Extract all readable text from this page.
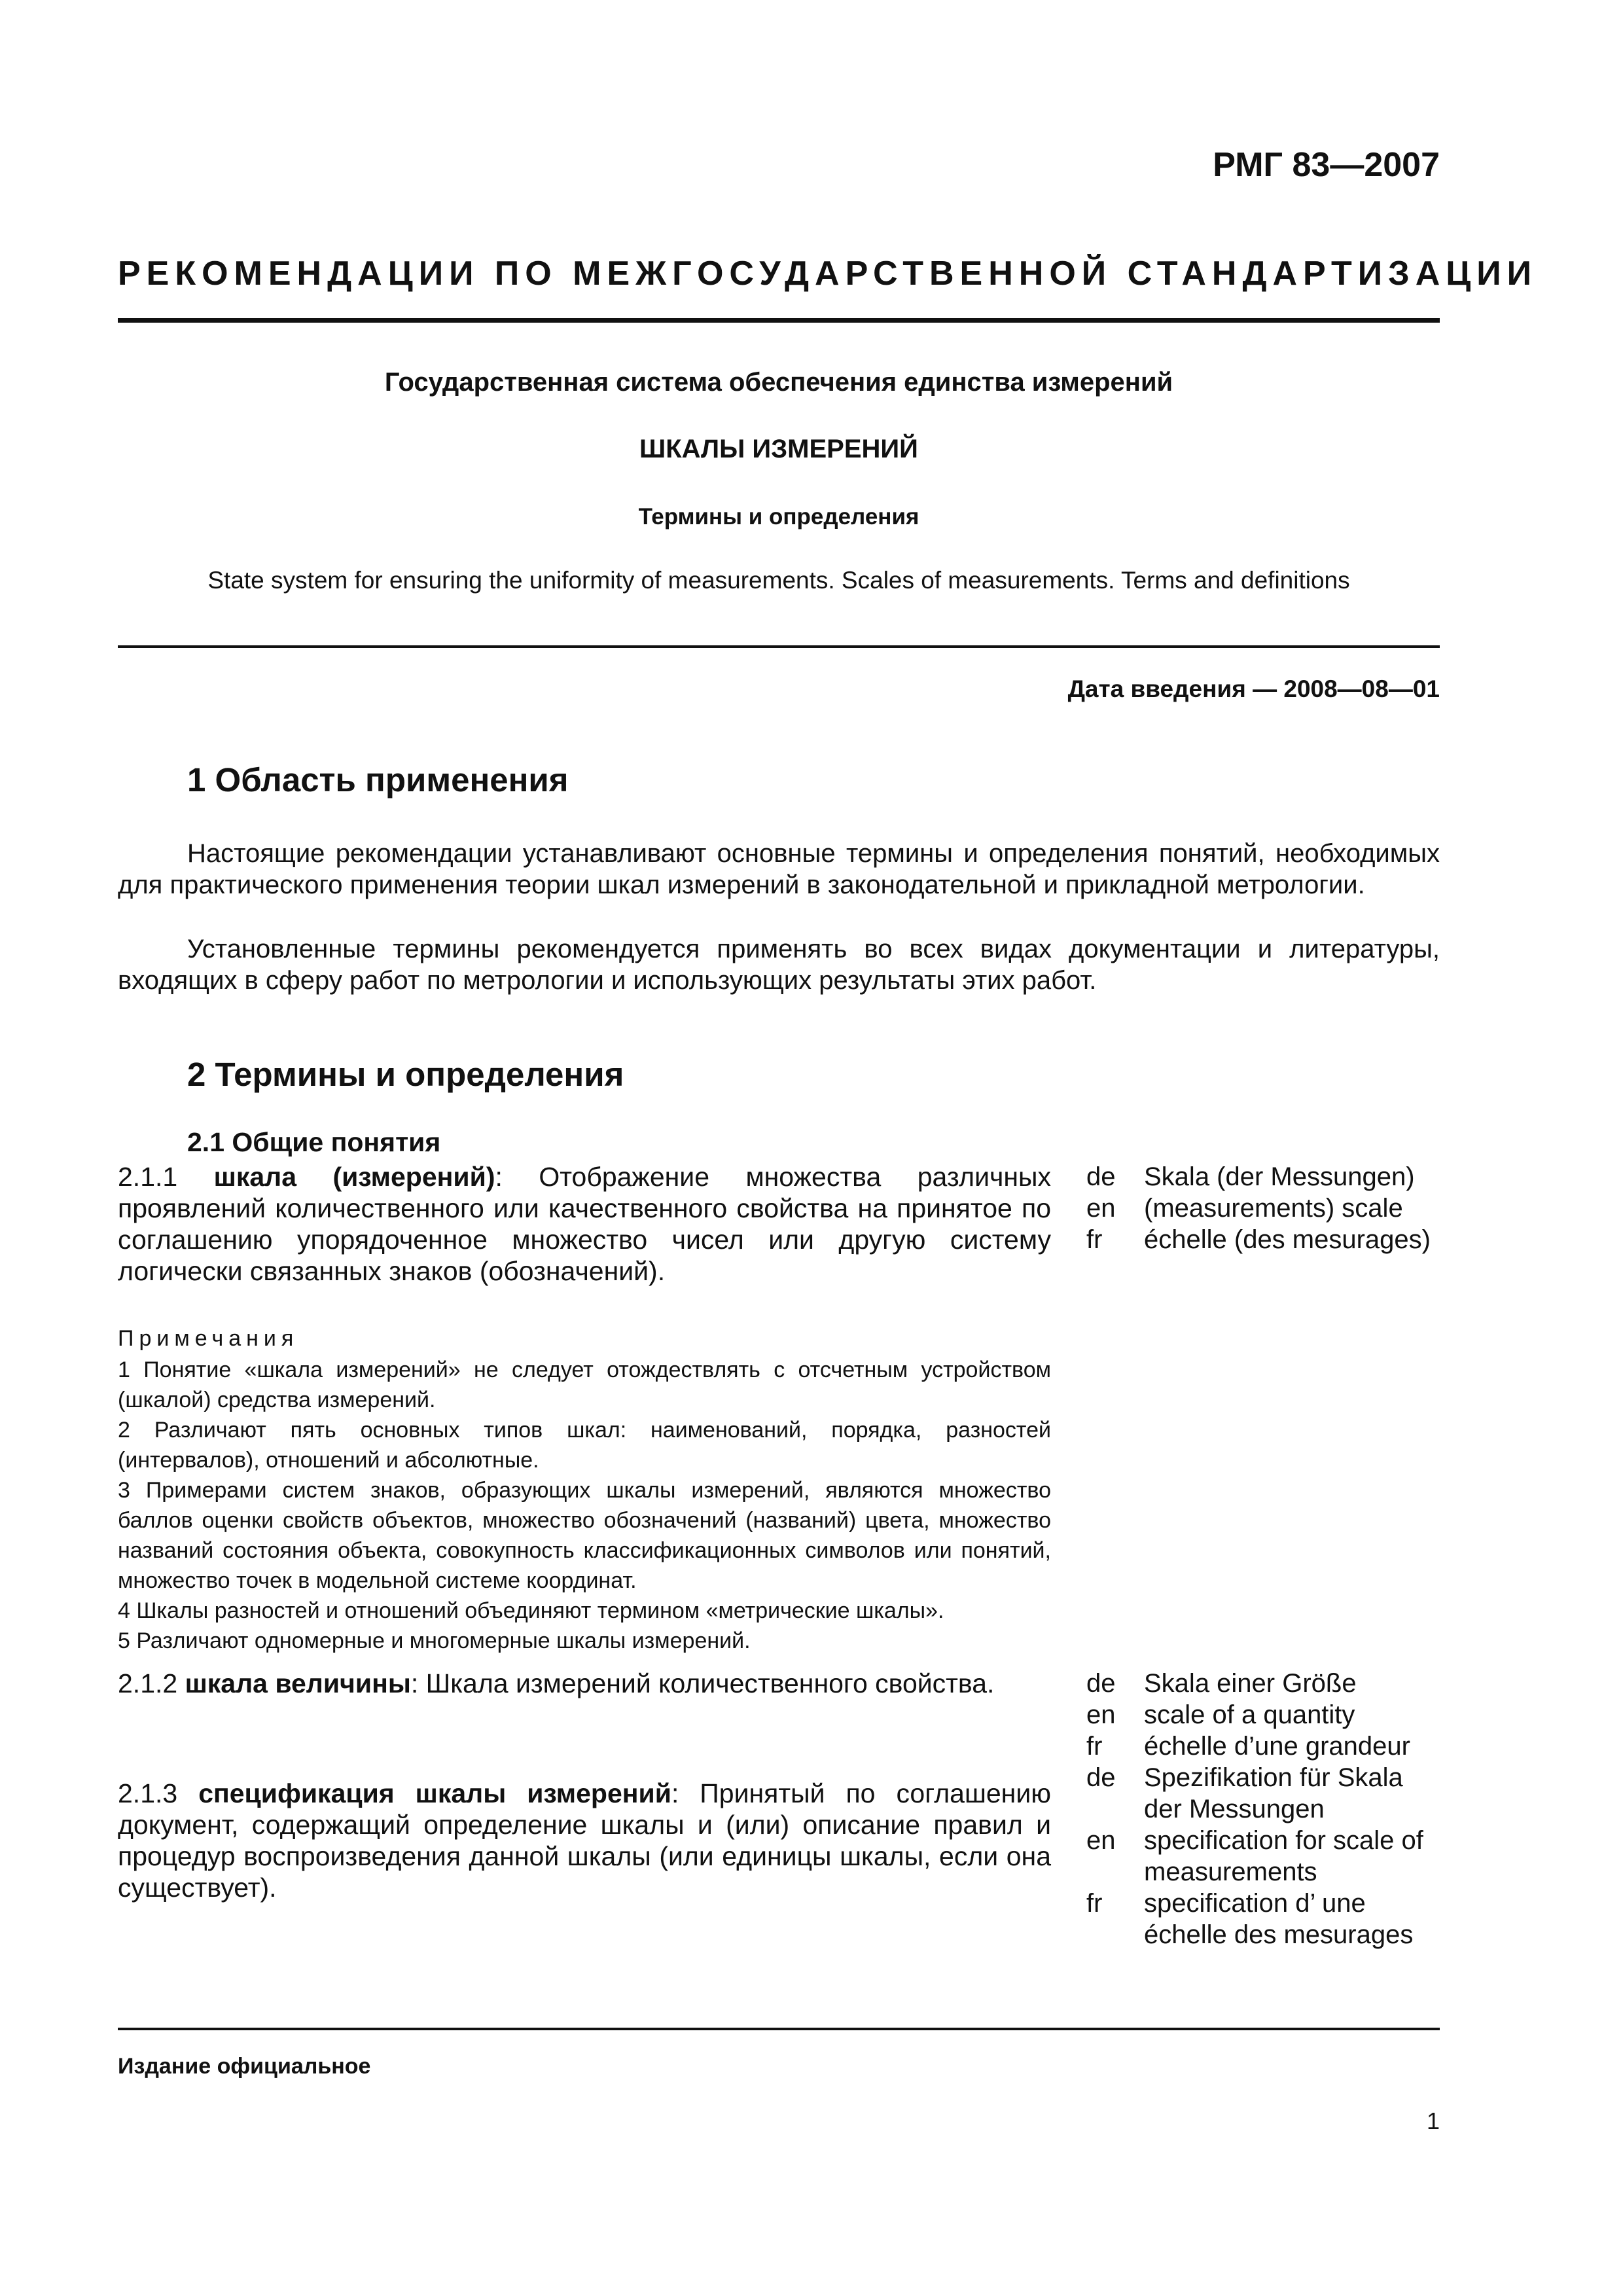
РМГ 83—2007
РЕКОМЕНДАЦИИ ПО МЕЖГОСУДАРСТВЕННОЙ СТАНДАРТИЗАЦИИ
Государственная система обеспечения единства измерений
ШКАЛЫ ИЗМЕРЕНИЙ
Термины и определения
State system for ensuring the uniformity of measurements. Scales of measurements. Terms and definitions
Дата введения — 2008—08—01
1 Область применения

Настоящие рекомендации устанавливают основные термины и определения понятий, необходимых для практического применения теории шкал измерений в законодательной и прикладной метрологии.

Установленные термины рекомендуется применять во всех видах документации и литературы, входящих в сферу работ по метрологии и использующих результаты этих работ.

2 Термины и определения
2.1 Общие понятия

2.1.1 шкала (измерений): Отображение множества различных проявлений количественного или качественного свойства на принятое по соглашению упорядоченное множество чисел или другую систему логически связанных знаков (обозначений).

de Skala (der Messungen)
en (measurements) scale
fr échelle (des mesurages)
Примечания

1 Понятие «шкала измерений» не следует отождествлять с отсчетным устройством (шкалой) средства измерений.

2 Различают пять основных типов шкал: наименований, порядка, разностей (интервалов), отношений и абсолютные.

3 Примерами систем знаков, образующих шкалы измерений, являются множество баллов оценки свойств объектов, множество обозначений (названий) цвета, множество названий состояния объекта, совокупность классификационных символов или понятий, множество точек в модельной системе координат.

4 Шкалы разностей и отношений объединяют термином «метрические шкалы».

5 Различают одномерные и многомерные шкалы измерений.

2.1.2 шкала величины: Шкала измерений количественного свойства.	de Skala einer Größe
en scale of a quantity
fr échelle d’une grandeur

2.1.3 спецификация шкалы измерений: Принятый по соглашению документ, содержащий определение шкалы и (или) описание правил и процедур воспроизведения данной шкалы (или единицы шкалы, если она существует).

de Spezifikation für Skala der Messungen
en specification for scale of measurements
fr specification d’ une échelle des mesurages
Издание официальное
1
